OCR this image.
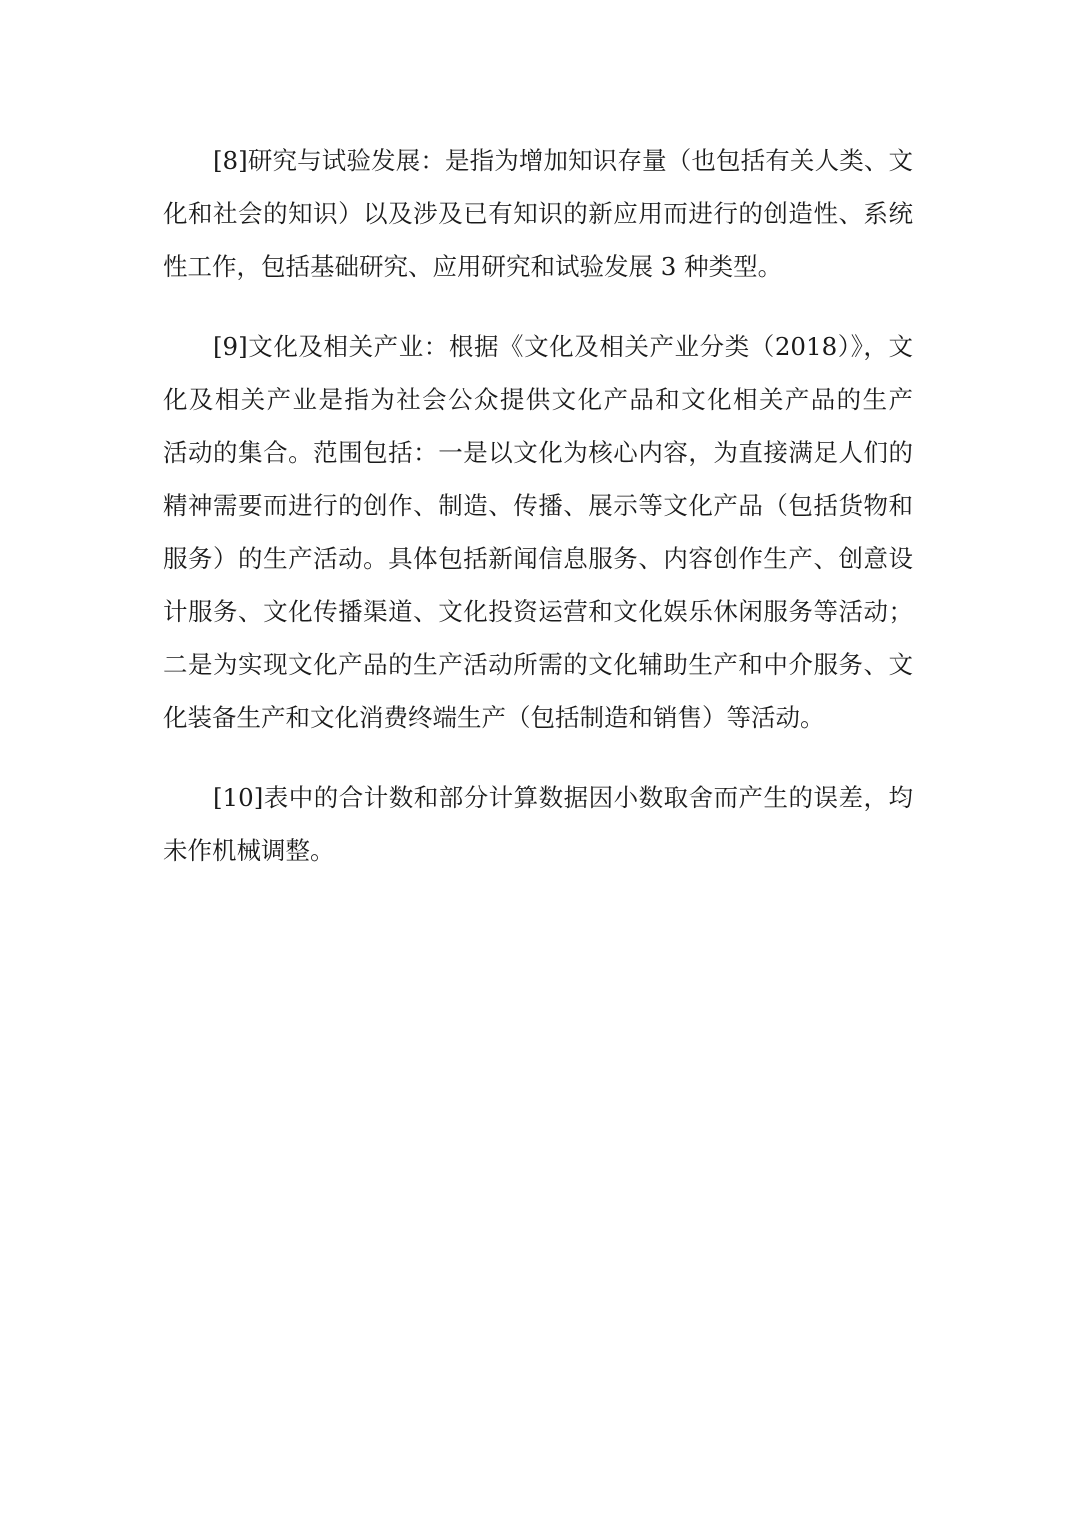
[8]研究与试验发展：是指为增加知识存量（也包括有关人类、文
化和社会的知识）以及涉及已有知识的新应用而进行的创造性、系统
性工作，包括基础研究、应用研究和试验发展 3 种类型。

[9]文化及相关产业：根据《文化及相关产业分类（2018）》，文
化及相关产业是指为社会公众提供文化产品和文化相关产品的生产
活动的集合。范围包括：一是以文化为核心内容，为直接满足人们的
精神需要而进行的创作、制造、传播、展示等文化产品（包括货物和
服务）的生产活动。具体包括新闻信息服务、内容创作生产、创意设
计服务、文化传播渠道、文化投资运营和文化娱乐休闲服务等活动；
二是为实现文化产品的生产活动所需的文化辅助生产和中介服务、文
化装备生产和文化消费终端生产（包括制造和销售）等活动。

[10]表中的合计数和部分计算数据因小数取舍而产生的误差，均
未作机械调整。
